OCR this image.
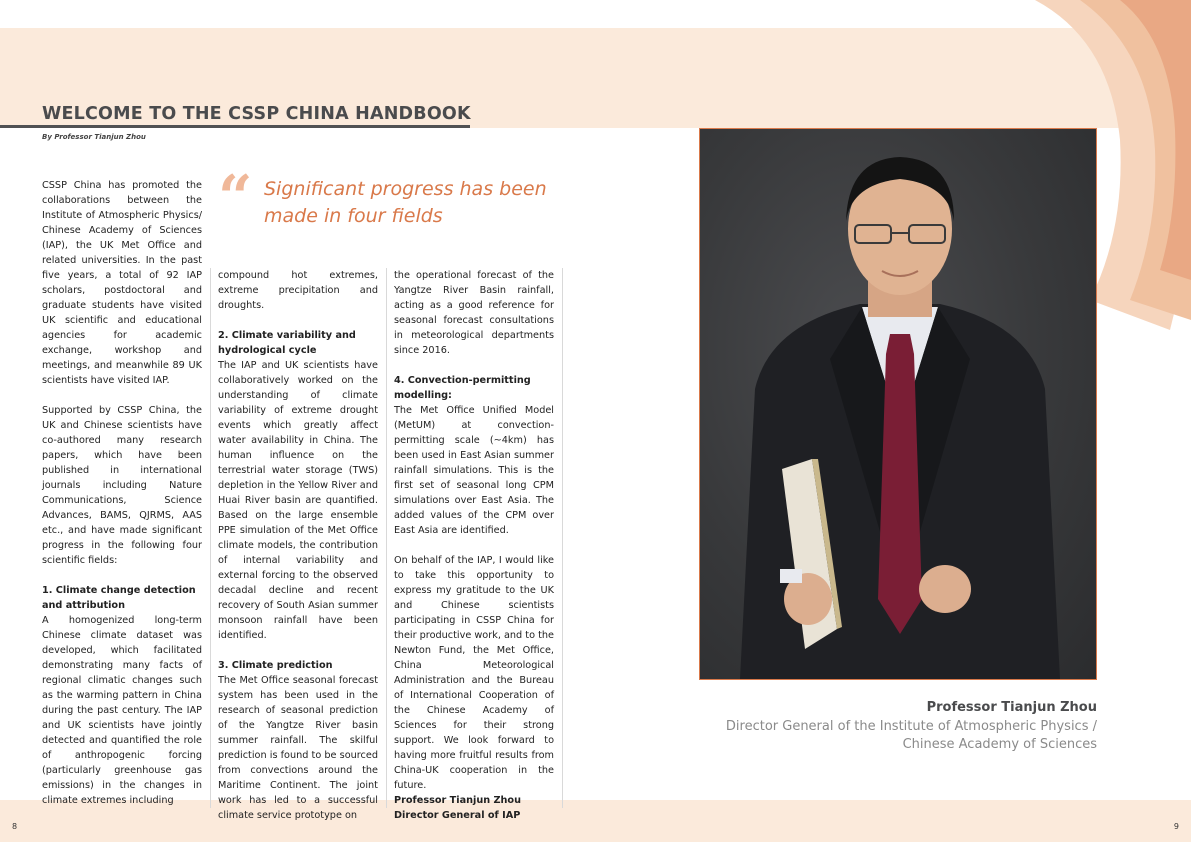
WELCOME TO THE CSSP CHINA HANDBOOK
By Professor Tianjun Zhou
“ Significant progress has been made in four fields

CSSP China has promoted the collaborations between the Institute of Atmospheric Physics/ Chinese Academy of Sciences (IAP), the UK Met Office and related universities. In the past five years, a total of 92 IAP scholars, postdoctoral and graduate students have visited UK scientific and educational agencies for academic exchange, workshop and meetings, and meanwhile 89 UK scientists have visited IAP.

Supported by CSSP China, the UK and Chinese scientists have co-authored many research papers, which have been published in international journals including Nature Communications, Science Advances, BAMS, QJRMS, AAS etc., and have made significant progress in the following four scientific fields:

1. Climate change detection and attribution

A homogenized long-term Chinese climate dataset was developed, which facilitated demonstrating many facts of regional climatic changes such as the warming pattern in China during the past century. The IAP and UK scientists have jointly detected and quantified the role of anthropogenic forcing (particularly greenhouse gas emissions) in the changes in climate extremes including

compound hot extremes, extreme precipitation and droughts.

2. Climate variability and hydrological cycle

The IAP and UK scientists have collaboratively worked on the understanding of climate variability of extreme drought events which greatly affect water availability in China. The human influence on the terrestrial water storage (TWS) depletion in the Yellow River and Huai River basin are quantified. Based on the large ensemble PPE simulation of the Met Office climate models, the contribution of internal variability and external forcing to the observed decadal decline and recent recovery of South Asian summer monsoon rainfall have been identified.

3. Climate prediction

The Met Office seasonal forecast system has been used in the research of seasonal prediction of the Yangtze River basin summer rainfall. The skilful prediction is found to be sourced from convections around the Maritime Continent. The joint work has led to a successful climate service prototype on

the operational forecast of the Yangtze River Basin rainfall, acting as a good reference for seasonal forecast consultations in meteorological departments since 2016.

4. Convection-permitting modelling:

The Met Office Unified Model (MetUM) at convection-permitting scale (~4km) has been used in East Asian summer rainfall simulations. This is the first set of seasonal long CPM simulations over East Asia. The added values of the CPM over East Asia are identified.

On behalf of the IAP, I would like to take this opportunity to express my gratitude to the UK and Chinese scientists participating in CSSP China for their productive work, and to the Newton Fund, the Met Office, China Meteorological Administration and the Bureau of International Cooperation of the Chinese Academy of Sciences for their strong support. We look forward to having more fruitful results from China-UK cooperation in the future.

Professor Tianjun Zhou
Director General of IAP
Professor Tianjun Zhou
Director General of the Institute of Atmospheric Physics / Chinese Academy of Sciences
8	9
